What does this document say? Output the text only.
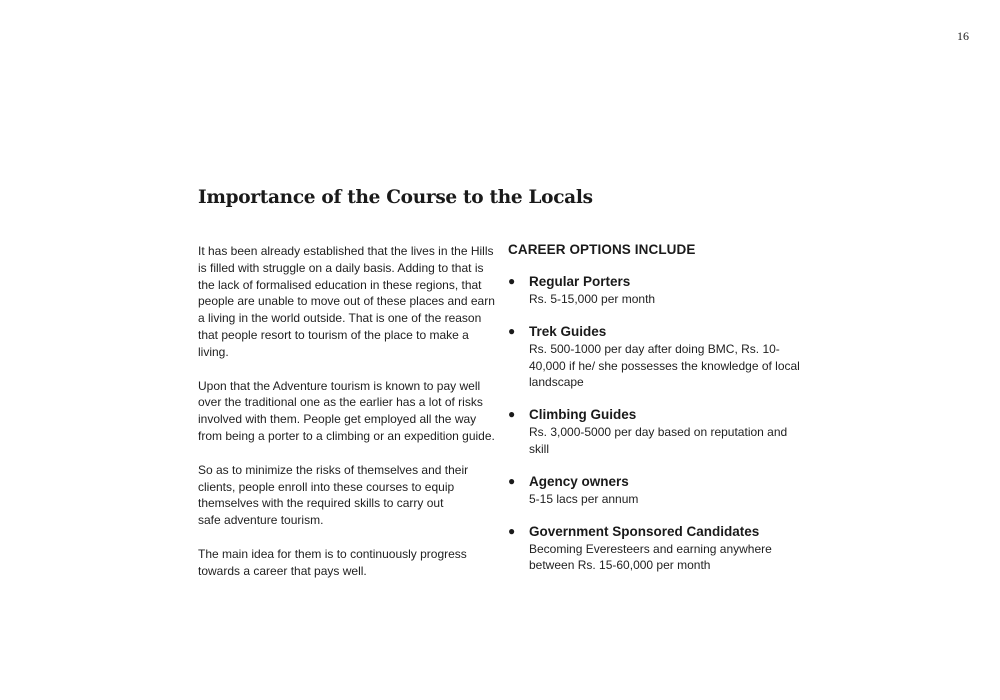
16
Importance of the Course to the Locals

It has been already established that the lives in the Hills is filled with struggle on a daily basis. Adding to that is the lack of formalised education in these regions, that people are unable to move out of these places and earn a living in the world outside. That is one of the reason that people resort to tourism of the place to make a living.

Upon that the Adventure tourism is known to pay well over the traditional one as the earlier has a lot of risks involved with them. People get employed all the way from being a porter to a climbing or an expedition guide.

So as to minimize the risks of themselves and their
clients, people enroll into these courses to equip
themselves with the required skills to carry out
safe adventure tourism.

The main idea for them is to continuously progress
towards a career that pays well.

CAREER OPTIONS INCLUDE
● Regular Porters
Rs. 5-15,000 per month
● Trek Guides
Rs. 500-1000 per day after doing BMC, Rs. 10-
40,000 if he/ she possesses the knowledge of local
landscape
● Climbing Guides
Rs. 3,000-5000 per day based on reputation and skill
● Agency owners
5-15 lacs per annum
● Government Sponsored Candidates
Becoming Everesteers and earning anywhere
between Rs. 15-60,000 per month
